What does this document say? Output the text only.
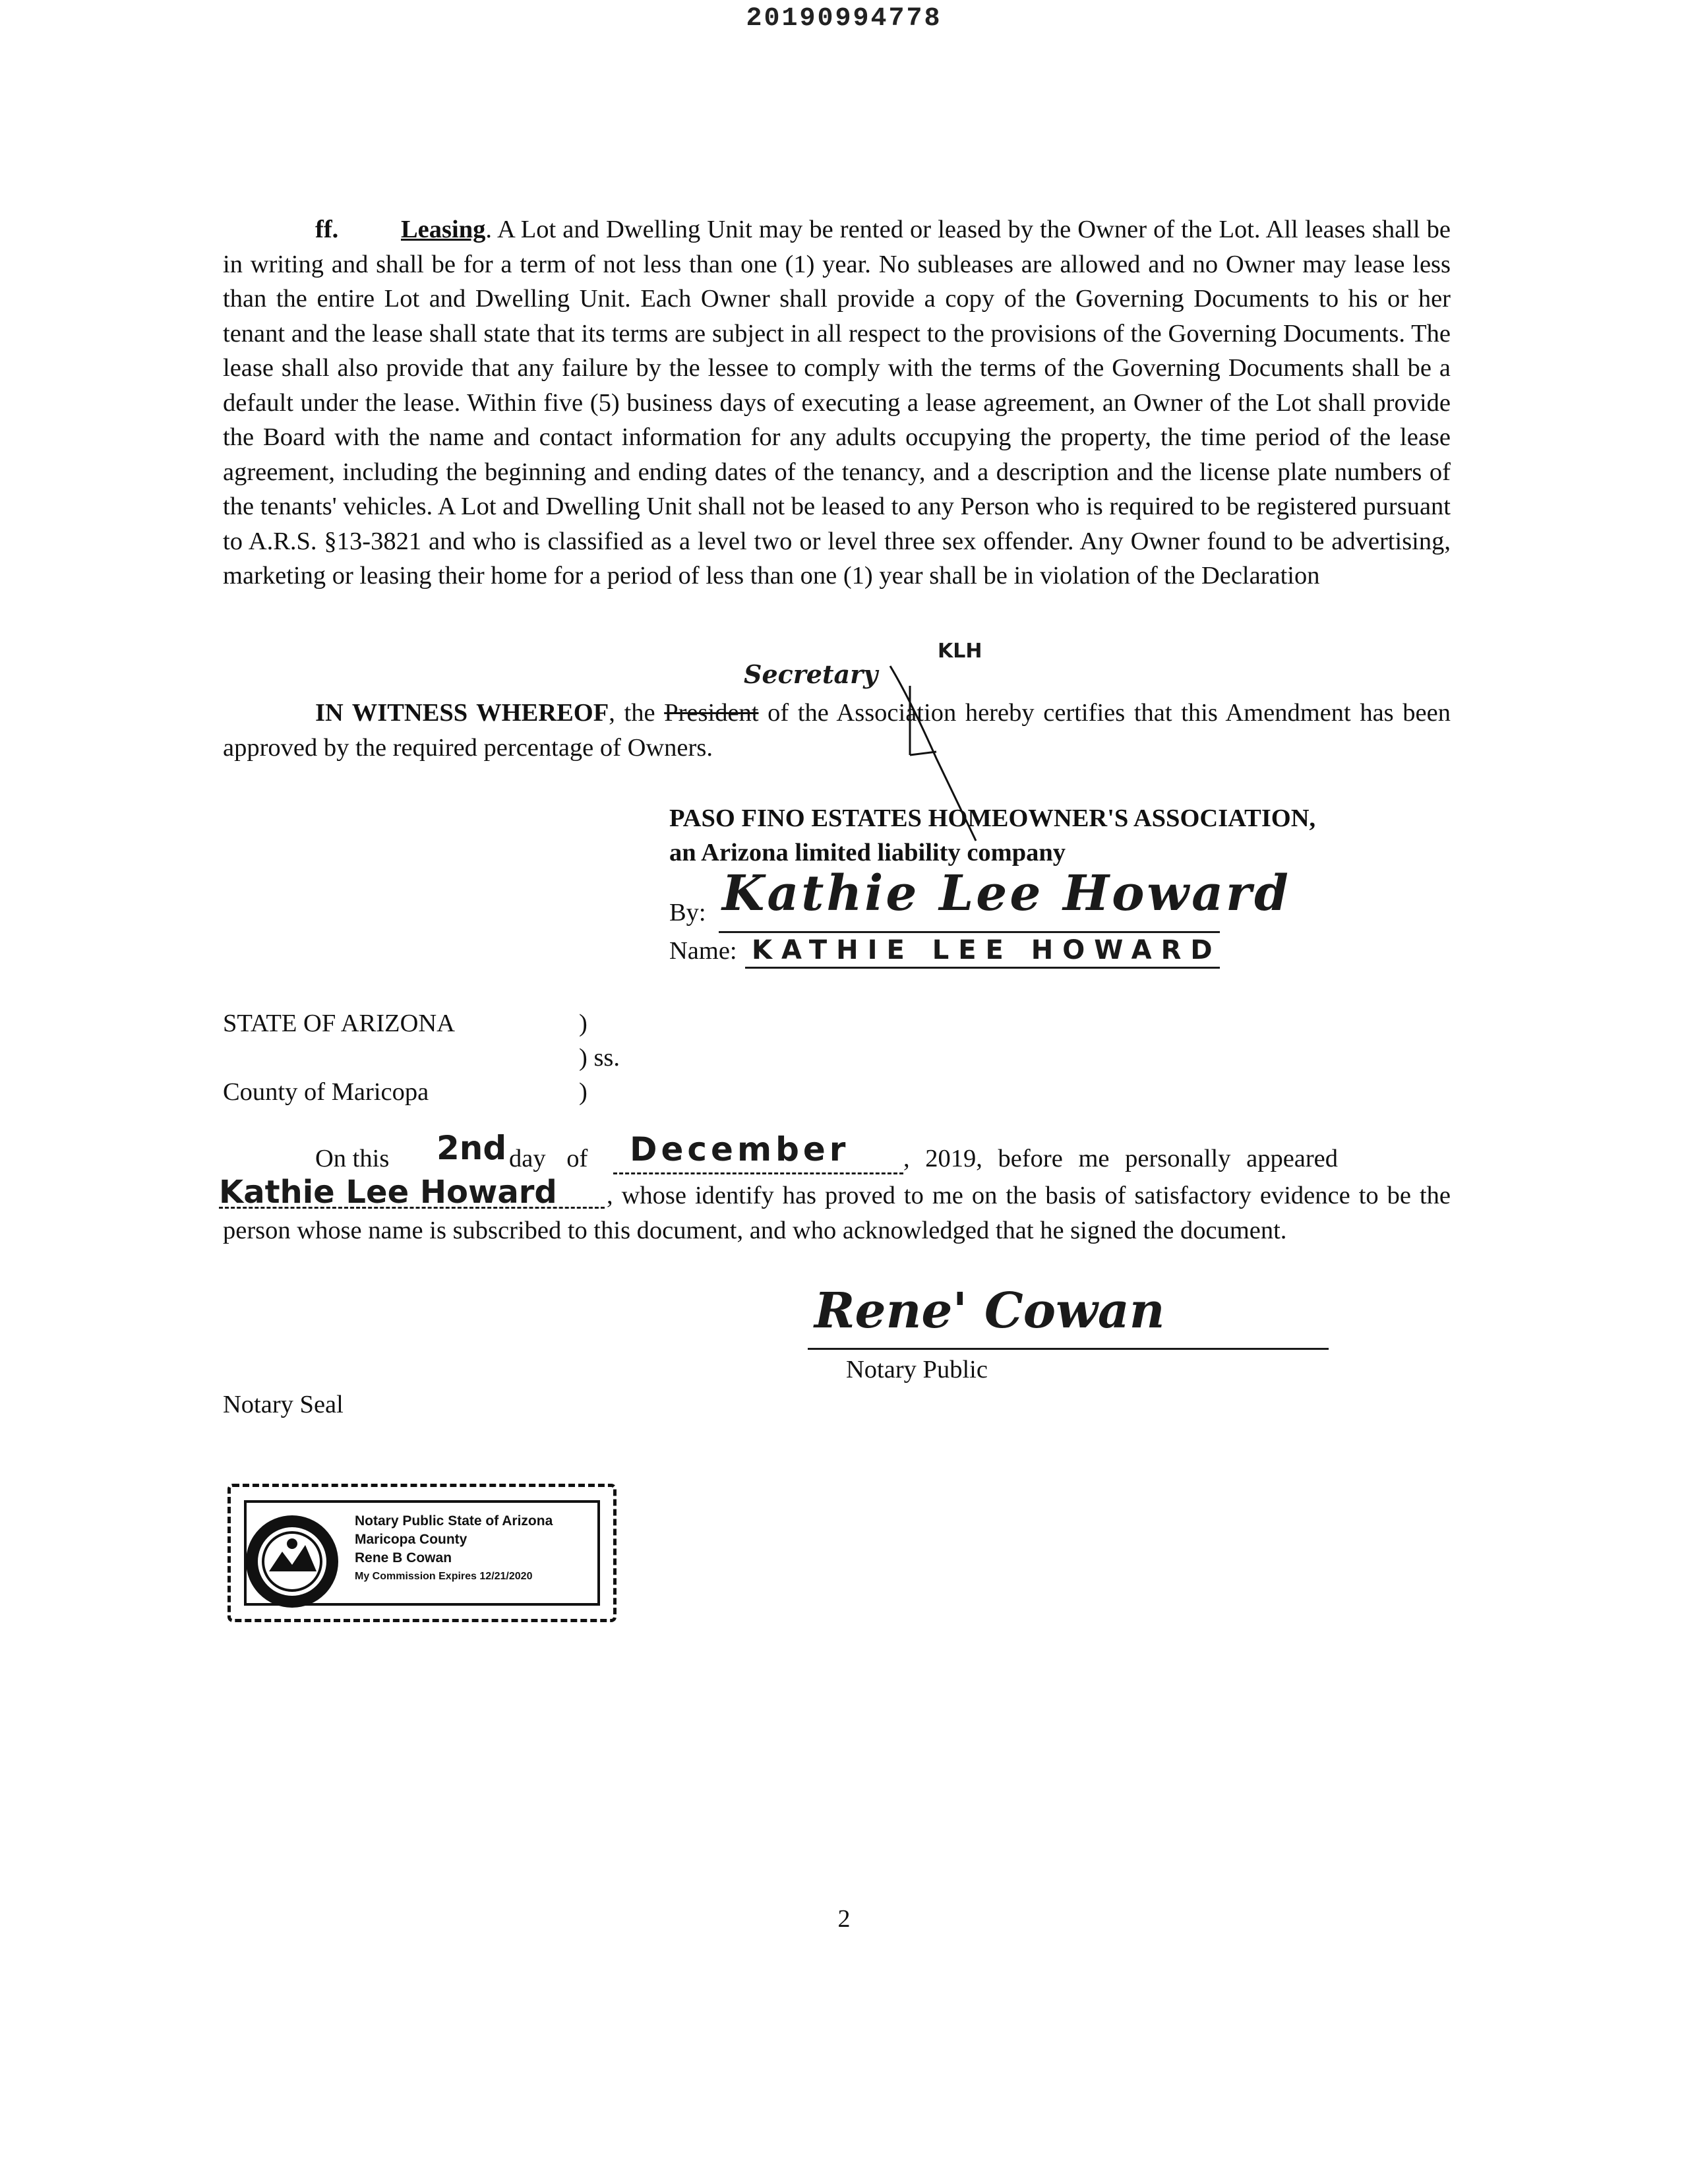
20190994778

ff. Leasing. A Lot and Dwelling Unit may be rented or leased by the Owner of the Lot. All leases shall be in writing and shall be for a term of not less than one (1) year. No subleases are allowed and no Owner may lease less than the entire Lot and Dwelling Unit. Each Owner shall provide a copy of the Governing Documents to his or her tenant and the lease shall state that its terms are subject in all respect to the provisions of the Governing Documents. The lease shall also provide that any failure by the lessee to comply with the terms of the Governing Documents shall be a default under the lease. Within five (5) business days of executing a lease agreement, an Owner of the Lot shall provide the Board with the name and contact information for any adults occupying the property, the time period of the lease agreement, including the beginning and ending dates of the tenancy, and a description and the license plate numbers of the tenants' vehicles. A Lot and Dwelling Unit shall not be leased to any Person who is required to be registered pursuant to A.R.S. §13-3821 and who is classified as a level two or level three sex offender. Any Owner found to be advertising, marketing or leasing their home for a period of less than one (1) year shall be in violation of the Declaration

KLH
Secretary

IN WITNESS WHEREOF, the President of the Association hereby certifies that this Amendment has been approved by the required percentage of Owners.

PASO FINO ESTATES HOMEOWNER'S ASSOCIATION,
an Arizona limited liability company
By: Kathie Lee Howard
Name: KATHIE LEE HOWARD
STATE OF ARIZONA	)
) ss.
County of Maricopa	)
On this 2nd day of December , 2019, before me personally appeared
Kathie Lee Howard	, whose identify has proved to me on the basis of satisfactory evidence to be the person whose name is subscribed to this document, and who acknowledged that he signed the document.

Rene' Cowan
Notary Public
Notary Seal
Notary Public State of Arizona
Maricopa County
Rene B Cowan
My Commission Expires 12/21/2020
2
